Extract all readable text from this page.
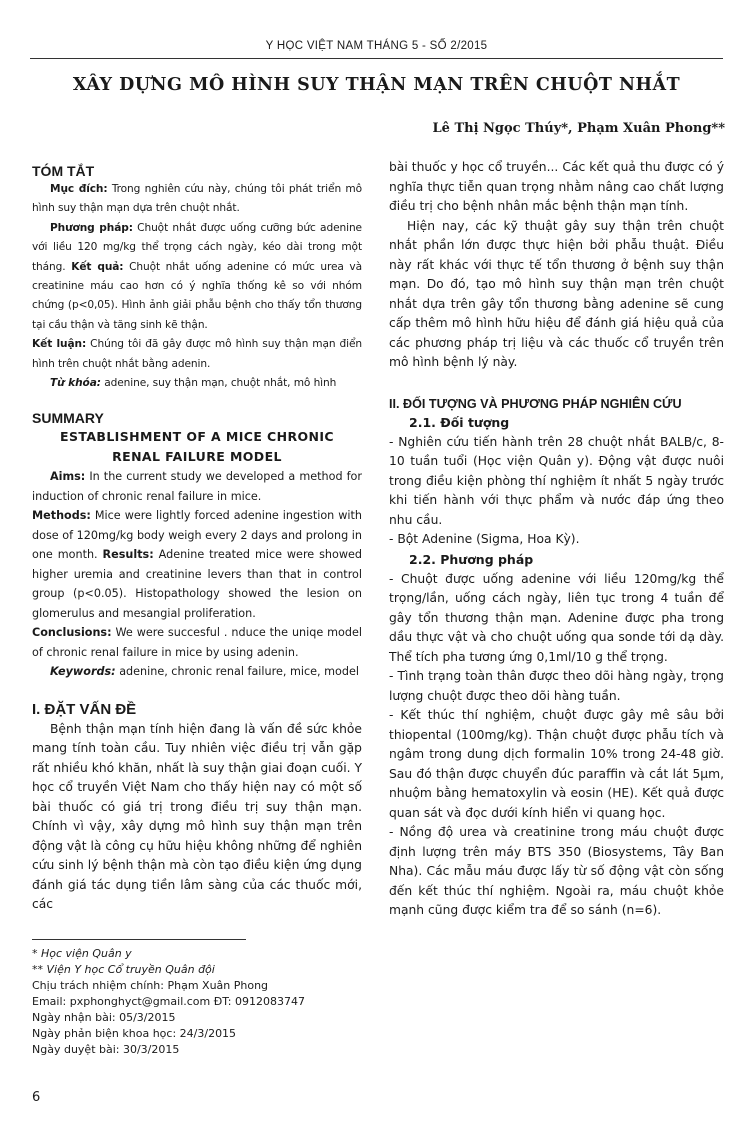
Y HỌC VIỆT NAM THÁNG 5 - SỐ 2/2015
XÂY DỰNG MÔ HÌNH SUY THẬN MẠN TRÊN CHUỘT NHẮT
Lê Thị Ngọc Thúy*, Phạm Xuân Phong**

TÓM TẮT

Mục đích: Trong nghiên cứu này, chúng tôi phát triển mô hình suy thận mạn dựa trên chuột nhắt.

Phương pháp: Chuột nhắt được uống cưỡng bức adenine với liều 120 mg/kg thể trọng cách ngày, kéo dài trong một tháng. Kết quả: Chuột nhắt uống adenine có mức urea và creatinine máu cao hơn có ý nghĩa thống kê so với nhóm chứng (p<0,05). Hình ảnh giải phẫu bệnh cho thấy tổn thương tại cầu thận và tăng sinh kẽ thận.

Kết luận: Chúng tôi đã gây được mô hình suy thận mạn điển hình trên chuột nhắt bằng adenin.

Từ khóa: adenine, suy thận mạn, chuột nhắt, mô hình

SUMMARY

ESTABLISHMENT OF A MICE CHRONIC

RENAL FAILURE MODEL

Aims: In the current study we developed a method for induction of chronic renal failure in mice.

Methods: Mice were lightly forced adenine ingestion with dose of 120mg/kg body weigh every 2 days and prolong in one month. Results: Adenine treated mice were showed higher uremia and creatinine levers than that in control group (p<0.05). Histopathology showed the lesion on glomerulus and mesangial proliferation.

Conclusions: We were succesful . nduce the uniqe model of chronic renal failure in mice by using adenin.

Keywords: adenine, chronic renal failure, mice, model

I. ĐẶT VẤN ĐỀ

Bệnh thận mạn tính hiện đang là vấn đề sức khỏe mang tính toàn cầu. Tuy nhiên việc điều trị vẫn gặp rất nhiều khó khăn, nhất là suy thận giai đoạn cuối. Y học cổ truyền Việt Nam cho thấy hiện nay có một số bài thuốc có giá trị trong điều trị suy thận mạn. Chính vì vậy, xây dựng mô hình suy thận mạn trên động vật là công cụ hữu hiệu không những để nghiên cứu sinh lý bệnh thận mà còn tạo điều kiện ứng dụng đánh giá tác dụng tiền lâm sàng của các thuốc mới, các

* Học viện Quân y

** Viện Y học Cổ truyền Quân đội

Chịu trách nhiệm chính: Phạm Xuân Phong

Email: pxphonghyct@gmail.com ĐT: 0912083747

Ngày nhận bài: 05/3/2015

Ngày phản biện khoa học: 24/3/2015

Ngày duyệt bài: 30/3/2015

bài thuốc y học cổ truyền... Các kết quả thu được có ý nghĩa thực tiễn quan trọng nhằm nâng cao chất lượng điều trị cho bệnh nhân mắc bệnh thận mạn tính.

Hiện nay, các kỹ thuật gây suy thận trên chuột nhắt phần lớn được thực hiện bởi phẫu thuật. Điều này rất khác với thực tế tổn thương ở bệnh suy thận mạn. Do đó, tạo mô hình suy thận mạn trên chuột nhắt dựa trên gây tổn thương bằng adenine sẽ cung cấp thêm mô hình hữu hiệu để đánh giá hiệu quả của các phương pháp trị liệu và các thuốc cổ truyền trên mô hình bệnh lý này.

II. ĐỐI TƯỢNG VÀ PHƯƠNG PHÁP NGHIÊN CỨU

2.1. Đối tượng

- Nghiên cứu tiến hành trên 28 chuột nhắt BALB/c, 8-10 tuần tuổi (Học viện Quân y). Động vật được nuôi trong điều kiện phòng thí nghiệm ít nhất 5 ngày trước khi tiến hành với thực phẩm và nước đáp ứng theo nhu cầu.

- Bột Adenine (Sigma, Hoa Kỳ).

2.2. Phương pháp

- Chuột được uống adenine với liều 120mg/kg thể trọng/lần, uống cách ngày, liên tục trong 4 tuần để gây tổn thương thận mạn. Adenine được pha trong dầu thực vật và cho chuột uống qua sonde tới dạ dày. Thể tích pha tương ứng 0,1ml/10 g thể trọng.

- Tình trạng toàn thân được theo dõi hàng ngày, trọng lượng chuột được theo dõi hàng tuần.

- Kết thúc thí nghiệm, chuột được gây mê sâu bởi thiopental (100mg/kg). Thận chuột được phẫu tích và ngâm trong dung dịch formalin 10% trong 24-48 giờ. Sau đó thận được chuyển đúc paraffin và cắt lát 5μm, nhuộm bằng hematoxylin và eosin (HE). Kết quả được quan sát và đọc dưới kính hiển vi quang học.

- Nồng độ urea và creatinine trong máu chuột được định lượng trên máy BTS 350 (Biosystems, Tây Ban Nha). Các mẫu máu được lấy từ số động vật còn sống đến kết thúc thí nghiệm. Ngoài ra, máu chuột khỏe mạnh cũng được kiểm tra để so sánh (n=6).

6
